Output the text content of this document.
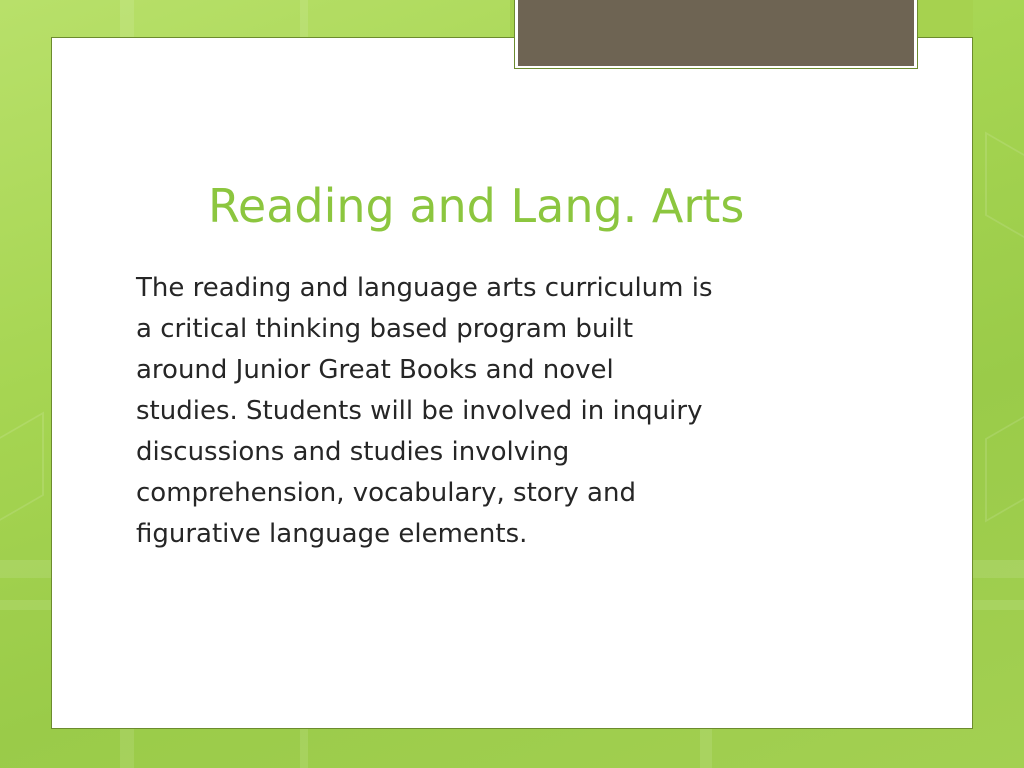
Reading and Lang. Arts

The reading and language arts curriculum is
a critical thinking based program built
around Junior Great Books and novel
studies. Students will be involved in inquiry
discussions and studies involving
comprehension, vocabulary, story and
figurative language elements.
